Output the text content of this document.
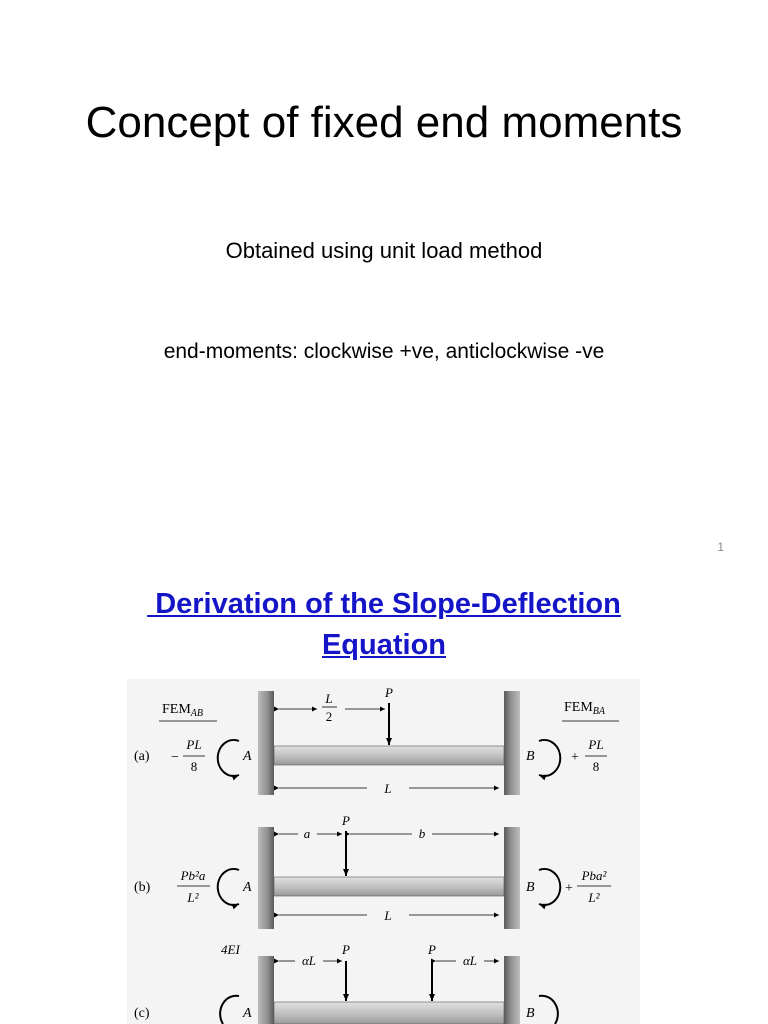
Concept of fixed end moments
Obtained using unit load method
end-moments: clockwise +ve, anticlockwise -ve
1
Derivation of the Slope-Deflection
Equation
$FEM_{AB}$	$FEM_{BA}$
P
L
2
L
(a) −
PL
8
A	B	+
PL
8
P
a	b
L
(b)
Pb²a
L²
A	B +
Pba²
L²
4EI	P	P
αL	αL
(c)	A	B
